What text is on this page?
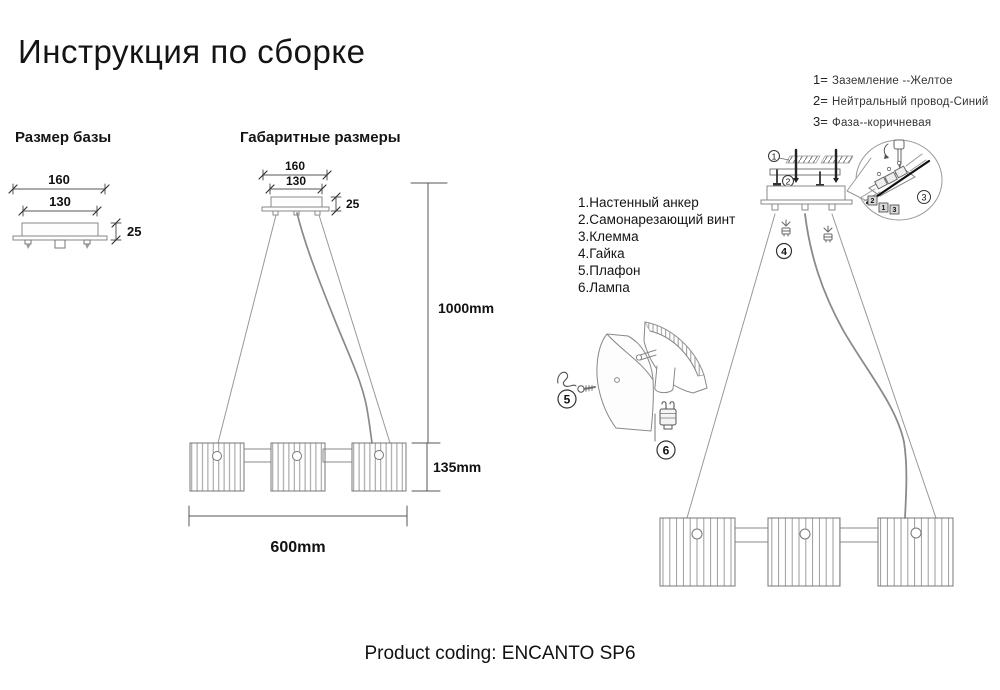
160
130
25
160
130
25
1000mm
135mm
600mm
1
2
3
2
1 3
4
5
6
Инструкция по сборке
Размер базы	Габаритные размеры
1= Заземление --Желтое
2= Нейтральный провод-Синий
3= Фаза--коричневая
1.Настенный анкер
2.Самонарезающий винт
3.Клемма
4.Гайка
5.Плафон
6.Лампа
Product coding: ENCANTO SP6
